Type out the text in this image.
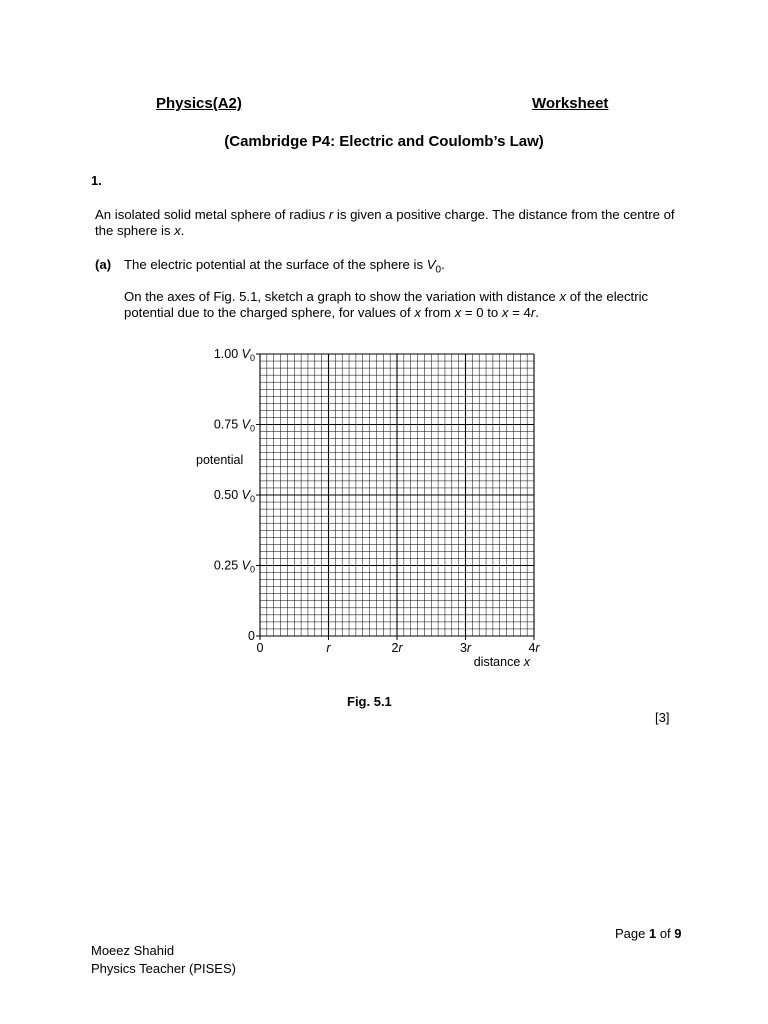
Physics(A2)	Worksheet
(Cambridge P4: Electric and Coulomb’s Law)
1.
An isolated solid metal sphere of radius r is given a positive charge. The distance from the centre of the sphere is x.
(a) The electric potential at the surface of the sphere is $V_0$.
On the axes of Fig. 5.1, sketch a graph to show the variation with distance x of the electric potential due to the charged sphere, for values of x from x = 0 to x = 4r.
0
0.25 $V_0$
0.50 $V_0$
0.75 $V_0$
1.00 $V_0$
0	r	2r	3r	4r
potential
distance x
Fig. 5.1
[3]
Page 1 of 9
Moeez Shahid
Physics Teacher (PISES)
